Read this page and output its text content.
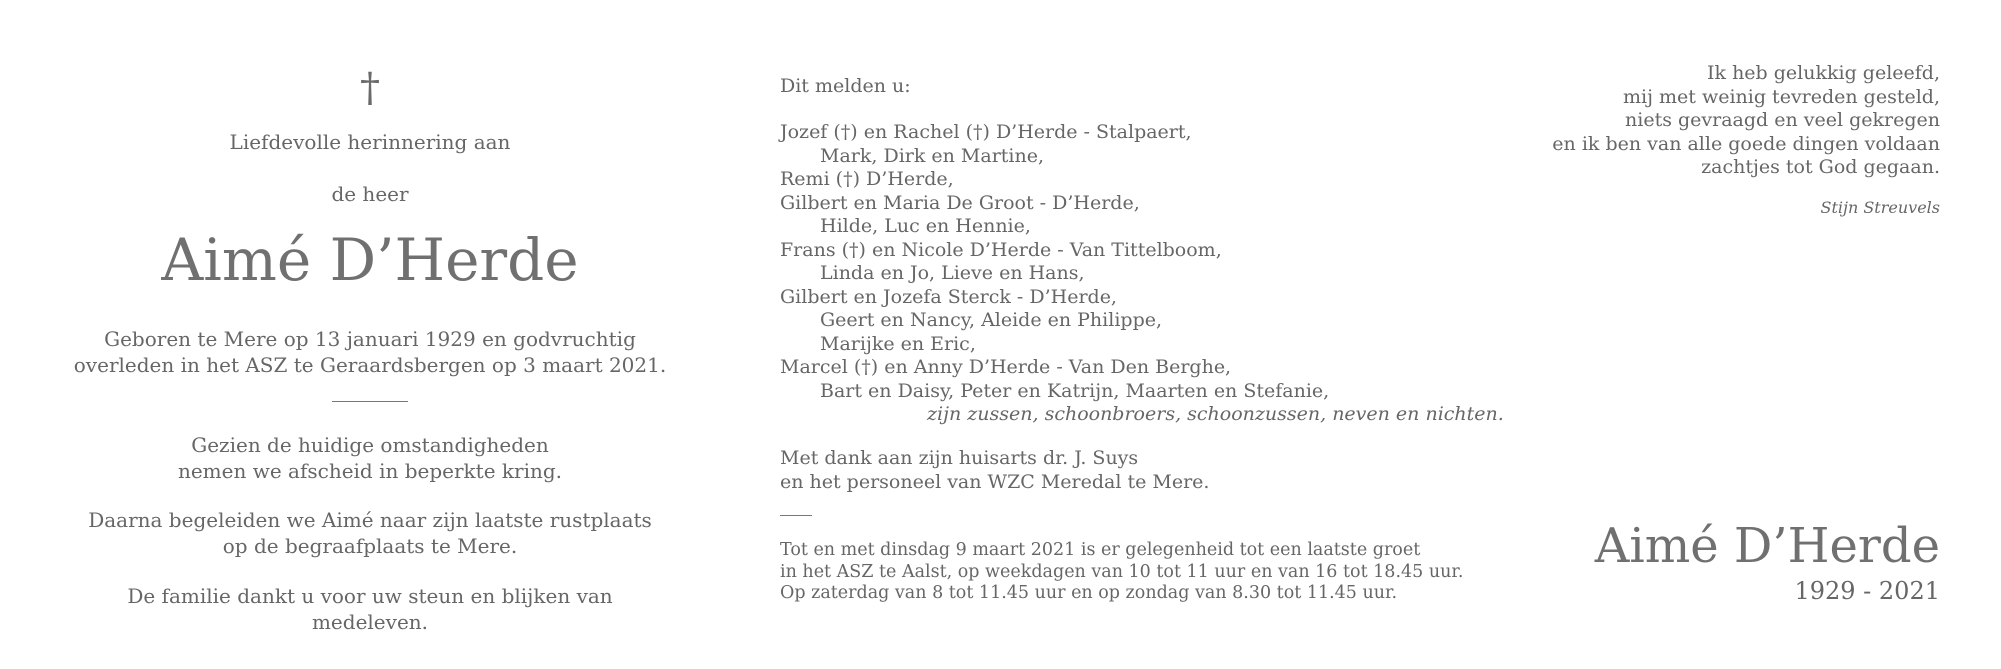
†
Liefdevolle herinnering aan
de heer
Aimé D’Herde
Geboren te Mere op 13 januari 1929 en godvruchtig
overleden in het ASZ te Geraardsbergen op 3 maart 2021.
Gezien de huidige omstandigheden
nemen we afscheid in beperkte kring.
Daarna begeleiden we Aimé naar zijn laatste rustplaats
op de begraafplaats te Mere.
De familie dankt u voor uw steun en blijken van medeleven.
Dit melden u:
Jozef (†) en Rachel (†) D’Herde - Stalpaert,
Mark, Dirk en Martine,
Remi (†) D’Herde,
Gilbert en Maria De Groot - D’Herde,
Hilde, Luc en Hennie,
Frans (†) en Nicole D’Herde - Van Tittelboom,
Linda en Jo, Lieve en Hans,
Gilbert en Jozefa Sterck - D’Herde,
Geert en Nancy, Aleide en Philippe,
Marijke en Eric,
Marcel (†) en Anny D’Herde - Van Den Berghe,
Bart en Daisy, Peter en Katrijn, Maarten en Stefanie,
zijn zussen, schoonbroers, schoonzussen, neven en nichten.
Met dank aan zijn huisarts dr. J. Suys
en het personeel van WZC Meredal te Mere.
Tot en met dinsdag 9 maart 2021 is er gelegenheid tot een laatste groet
in het ASZ te Aalst, op weekdagen van 10 tot 11 uur en van 16 tot 18.45 uur.
Op zaterdag van 8 tot 11.45 uur en op zondag van 8.30 tot 11.45 uur.
Ik heb gelukkig geleefd,
mij met weinig tevreden gesteld,
niets gevraagd en veel gekregen
en ik ben van alle goede dingen voldaan
zachtjes tot God gegaan.
Stijn Streuvels
Aimé D’Herde
1929 - 2021
